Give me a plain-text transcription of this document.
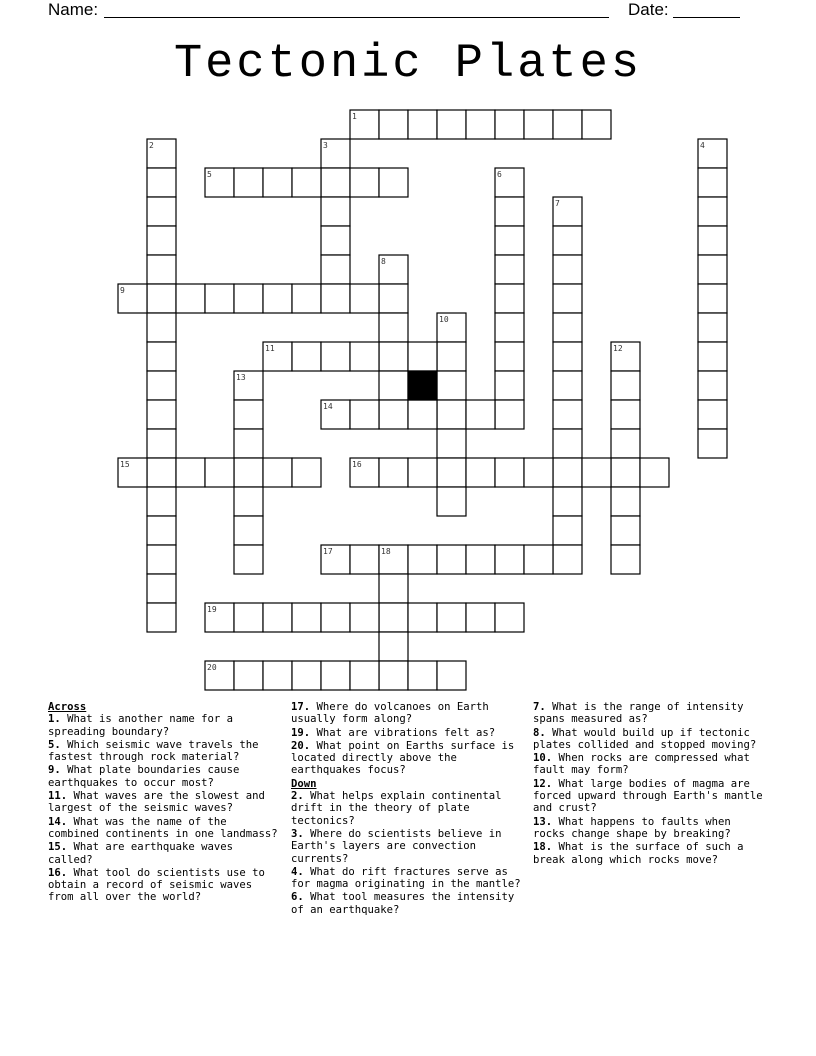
Name:	Date:
Tectonic Plates
1
2	3	4
5	6
7
8
9
10
11	12
13
14
15	16
17	18
19
20
Across
1. What is another name for a spreading boundary?
5. Which seismic wave travels the fastest through rock material?
9. What plate boundaries cause earthquakes to occur most?
11. What waves are the slowest and largest of the seismic waves?
14. What was the name of the combined continents in one landmass?
15. What are earthquake waves called?
16. What tool do scientists use to obtain a record of seismic waves from all over the world?
17. Where do volcanoes on Earth usually form along?
19. What are vibrations felt as?
20. What point on Earths surface is located directly above the earthquakes focus?
Down
2. What helps explain continental drift in the theory of plate tectonics?
3. Where do scientists believe in Earth's layers are convection currents?
4. What do rift fractures serve as for magma originating in the mantle?
6. What tool measures the intensity of an earthquake?
7. What is the range of intensity spans measured as?
8. What would build up if tectonic plates collided and stopped moving?
10. When rocks are compressed what fault may form?
12. What large bodies of magma are forced upward through Earth's mantle and crust?
13. What happens to faults when rocks change shape by breaking?
18. What is the surface of such a break along which rocks move?
